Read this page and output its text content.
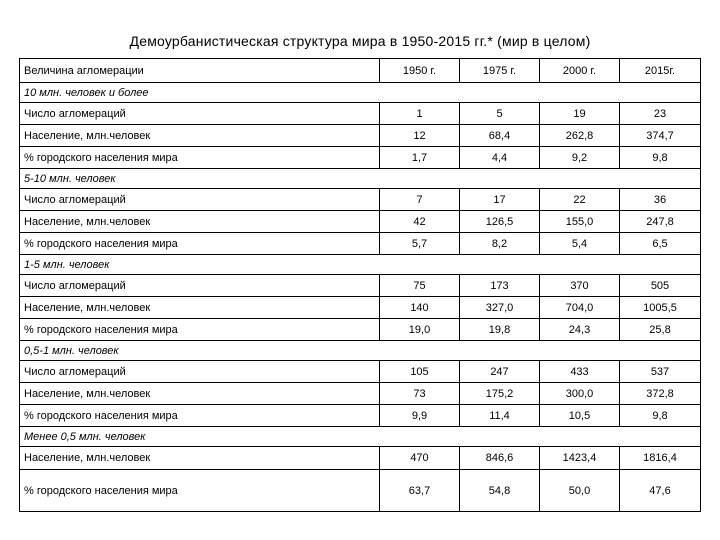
Демоурбанистическая структура мира в 1950-2015 гг.* (мир в целом)
Величина агломерации	1950 г.	1975 г.	2000 г.	2015г.
10 млн. человек и более				
Число агломераций	1	5	19	23
Население, млн.человек	12	68,4	262,8	374,7
% городского населения мира	1,7	4,4	9,2	9,8
5-10 млн. человек				
Число агломераций	7	17	22	36
Население, млн.человек	42	126,5	155,0	247,8
% городского населения мира	5,7	8,2	5,4	6,5
1-5 млн. человек				
Число агломераций	75	173	370	505
Население, млн.человек	140	327,0	704,0	1005,5
% городского населения мира	19,0	19,8	24,3	25,8
0,5-1 млн. человек				
Число агломераций	105	247	433	537
Население, млн.человек	73	175,2	300,0	372,8
% городского населения мира	9,9	11,4	10,5	9,8
Менее 0,5 млн. человек				
Население, млн.человек	470	846,6	1423,4	1816,4
% городского населения мира	63,7	54,8	50,0	47,6
